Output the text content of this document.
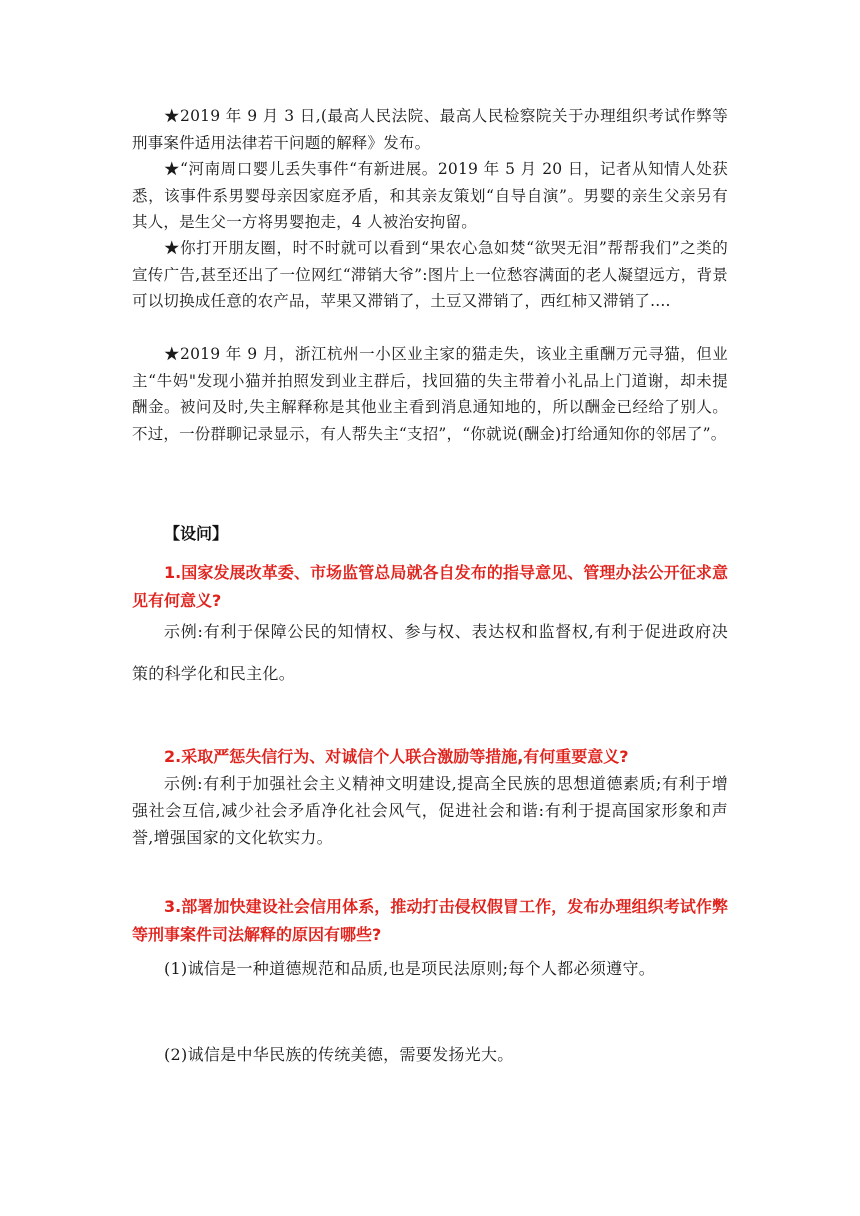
★2019 年 9 月 3 日,(最高人民法院、最高人民检察院关于办理组织考试作弊等刑事案件适用法律若干问题的解释》发布。

★“河南周口婴儿丢失事件“有新进展。2019 年 5 月 20 日，记者从知情人处获悉，该事件系男婴母亲因家庭矛盾，和其亲友策划“自导自演”。男婴的亲生父亲另有其人，是生父一方将男婴抱走，4 人被治安拘留。

★你打开朋友圈，时不时就可以看到“果农心急如焚“欲哭无泪”帮帮我们”之类的宣传广告,甚至还出了一位网红“滞销大爷”:图片上一位愁容满面的老人凝望远方，背景可以切换成任意的农产品，苹果又滞销了，土豆又滞销了，西红柿又滞销了....

★2019 年 9 月，浙江杭州一小区业主家的猫走失，该业主重酬万元寻猫，但业主“牛妈"发现小猫并拍照发到业主群后，找回猫的失主带着小礼品上门道谢，却未提酬金。被问及时,失主解释称是其他业主看到消息通知地的，所以酬金已经给了别人。不过，一份群聊记录显示，有人帮失主“支招”，“你就说(酬金)打给通知你的邻居了”。

【设问】

1.国家发展改革委、市场监管总局就各自发布的指导意见、管理办法公开征求意见有何意义?

示例:有利于保障公民的知情权、参与权、表达权和监督权,有利于促进政府决策的科学化和民主化。

2.采取严惩失信行为、对诚信个人联合激励等措施,有何重要意义?

示例:有利于加强社会主义精神文明建设,提高全民族的思想道德素质;有利于增强社会互信,减少社会矛盾净化社会风气，促进社会和谐:有利于提高国家形象和声誉,增强国家的文化软实力。

3.部署加快建设社会信用体系，推动打击侵权假冒工作，发布办理组织考试作弊等刑事案件司法解释的原因有哪些?

(1)诚信是一种道德规范和品质,也是项民法原则;每个人都必须遵守。

(2)诚信是中华民族的传统美德，需要发扬光大。
